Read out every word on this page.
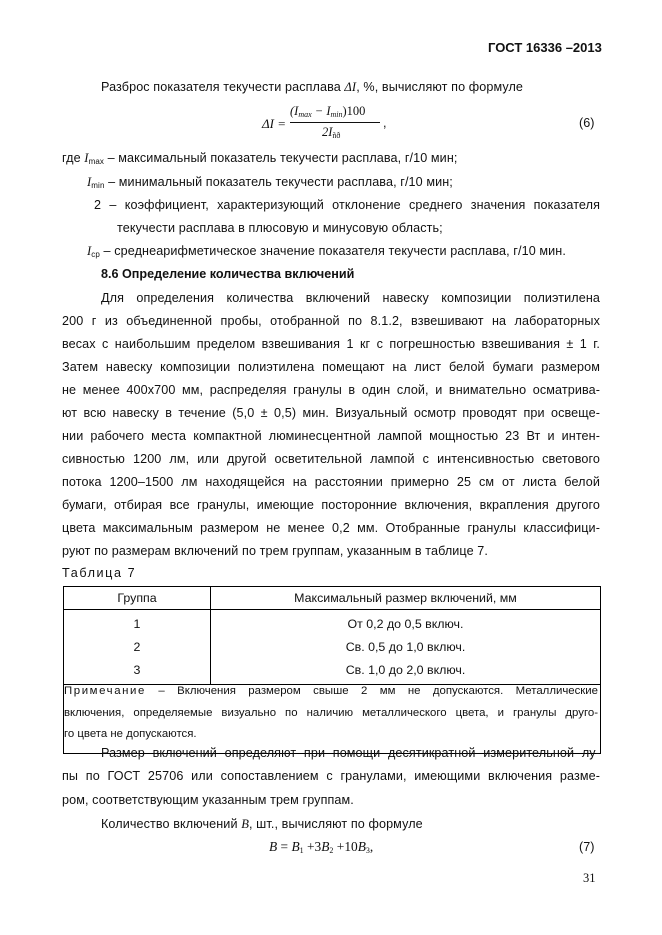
ГОСТ 16336 –2013
Разброс показателя текучести расплава ΔI, %, вычисляют по формуле
ΔI =
$(I_{max} - I_{min})100$
$2I_{ñð}$
,	(6)
где $I_{max}$ – максимальный показатель текучести расплава, г/10 мин;
$I_{min}$ – минимальный показатель текучести расплава, г/10 мин;
2 – коэффициент, характеризующий отклонение среднего значения показателя
текучести расплава в плюсовую и минусовую область;
$I_{ср}$ – среднеарифметическое значение показателя текучести расплава, г/10 мин.
8.6 Определение количества включений
Для определения количества включений навеску композиции полиэтилена
200 г из объединенной пробы, отобранной по 8.1.2, взвешивают на лабораторных
весах с наибольшим пределом взвешивания 1 кг с погрешностью взвешивания ± 1 г.
Затем навеску композиции полиэтилена помещают на лист белой бумаги размером
не менее 400х700 мм, распределяя гранулы в один слой, и внимательно осматрива-
ют всю навеску в течение (5,0 ± 0,5) мин. Визуальный осмотр проводят при освеще-
нии рабочего места компактной люминесцентной лампой мощностью 23 Вт и интен-
сивностью 1200 лм, или другой осветительной лампой с интенсивностью светового
потока 1200–1500 лм находящейся на расстоянии примерно 25 см от листа белой
бумаги, отбирая все гранулы, имеющие посторонние включения, вкрапления другого
цвета максимальным размером не менее 0,2 мм. Отобранные гранулы классифици-
руют по размерам включений по трем группам, указанным в таблице 7.
Таблица 7
Группа	Максимальный размер включений, мм
1	От 0,2 до 0,5 включ.
2	Св. 0,5 до 1,0 включ.
3	Св. 1,0 до 2,0 включ.

Примечание – Включения размером свыше 2 мм не допускаются. Металлические
включения, определяемые визуально по наличию металлического цвета, и гранулы друго-
го цвета не допускаются.
Размер включений определяют при помощи десятикратной измерительной лу-
пы по ГОСТ 25706 или сопоставлением с гранулами, имеющими включения разме-
ром, соответствующим указанным трем группам.
Количество включений B, шт., вычисляют по формуле
$B = B_1 +3B_2 +10B_3$,	(7)
31
